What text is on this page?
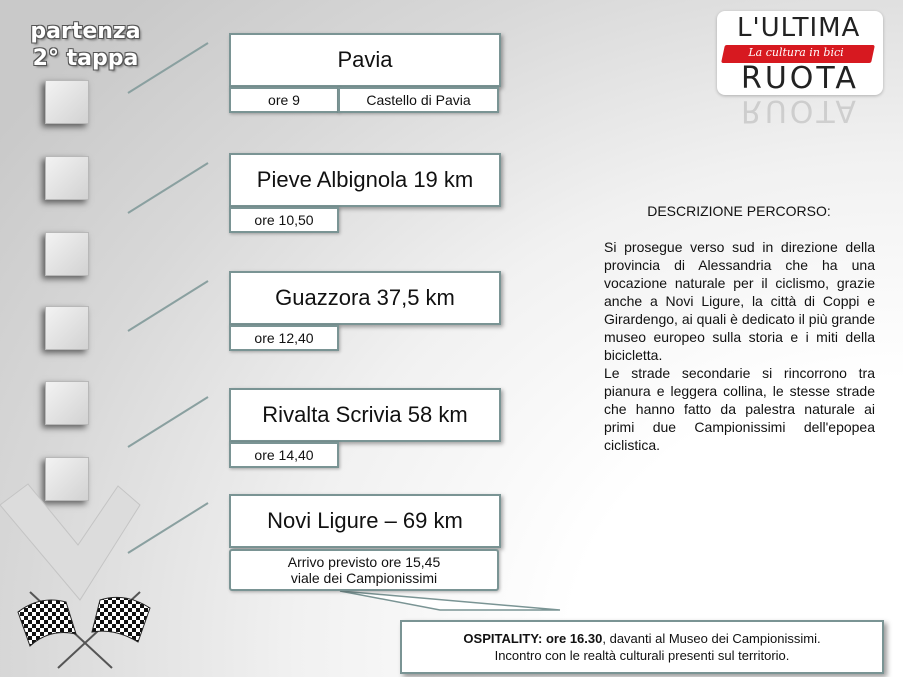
partenza
2° tappa	Pavia
ore 9	Castello di Pavia
Pieve Albignola 19 km
ore 10,50
Guazzora 37,5 km
ore 12,40
Rivalta Scrivia 58 km
ore 14,40
Novi Ligure – 69 km
Arrivo previsto ore 15,45
viale dei Campionissimi
L'ULTIMA
La cultura in bici
RUOTA
RUOTA
DESCRIZIONE PERCORSO:

Si prosegue verso sud in direzione della provincia di Alessandria che ha una vocazione naturale per il ciclismo, grazie anche a Novi Ligure, la città di Coppi e Girardengo, ai quali è dedicato il più grande museo europeo sulla storia e i miti della bicicletta.

Le strade secondarie si rincorrono tra pianura e leggera collina, le stesse strade che hanno fatto da palestra naturale ai primi due Campionissimi dell'epopea ciclistica.

OSPITALITY: ore 16.30, davanti al Museo dei Campionissimi.
Incontro con le realtà culturali presenti sul territorio.
